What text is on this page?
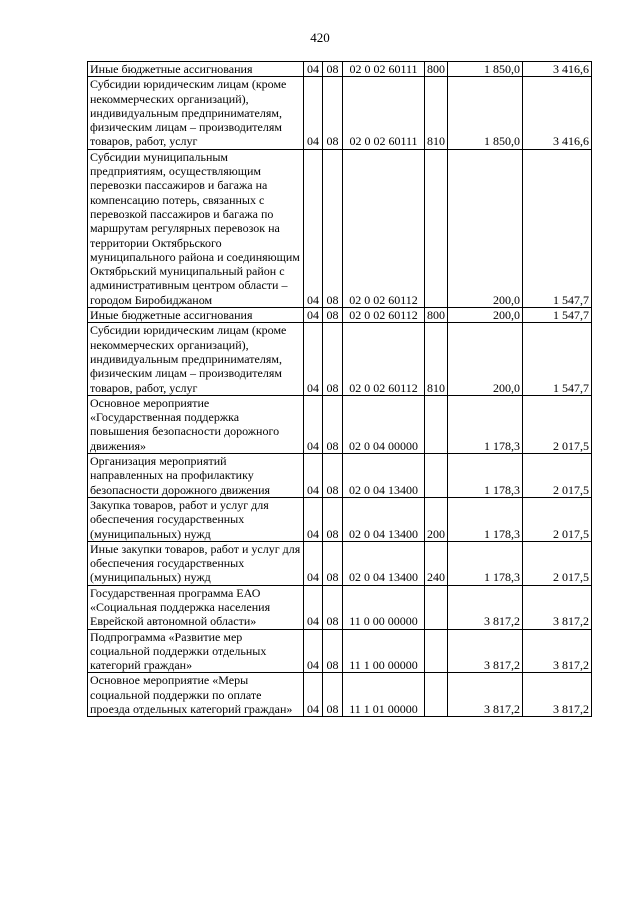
420
Иные бюджетные ассигнования	04	08	02 0 02 60111	800	1 850,0	3 416,6
Субсидии юридическим лицам (кроме некоммерческих организаций), индивидуальным предпринимателям, физическим лицам – производителям товаров, работ, услуг	04	08	02 0 02 60111	810	1 850,0	3 416,6
Субсидии муниципальным предприятиям, осуществляющим перевозки пассажиров и багажа на компенсацию потерь, связанных с перевозкой пассажиров и багажа по маршрутам регулярных перевозок на территории Октябрьского муниципального района и соединяющим Октябрьский муниципальный район с административным центром области – городом Биробиджаном	04	08	02 0 02 60112		200,0	1 547,7
Иные бюджетные ассигнования	04	08	02 0 02 60112	800	200,0	1 547,7
Субсидии юридическим лицам (кроме некоммерческих организаций), индивидуальным предпринимателям, физическим лицам – производителям товаров, работ, услуг	04	08	02 0 02 60112	810	200,0	1 547,7
Основное мероприятие «Государственная поддержка повышения безопасности дорожного движения»	04	08	02 0 04 00000		1 178,3	2 017,5
Организация мероприятий направленных на профилактику безопасности дорожного движения	04	08	02 0 04 13400		1 178,3	2 017,5
Закупка товаров, работ и услуг для обеспечения государственных (муниципальных) нужд	04	08	02 0 04 13400	200	1 178,3	2 017,5
Иные закупки товаров, работ и услуг для обеспечения государственных (муниципальных) нужд	04	08	02 0 04 13400	240	1 178,3	2 017,5
Государственная программа ЕАО «Социальная поддержка населения Еврейской автономной области»	04	08	11 0 00 00000		3 817,2	3 817,2
Подпрограмма «Развитие мер социальной поддержки отдельных категорий граждан»	04	08	11 1 00 00000		3 817,2	3 817,2
Основное мероприятие «Меры социальной поддержки по оплате проезда отдельных категорий граждан»	04	08	11 1 01 00000		3 817,2	3 817,2
